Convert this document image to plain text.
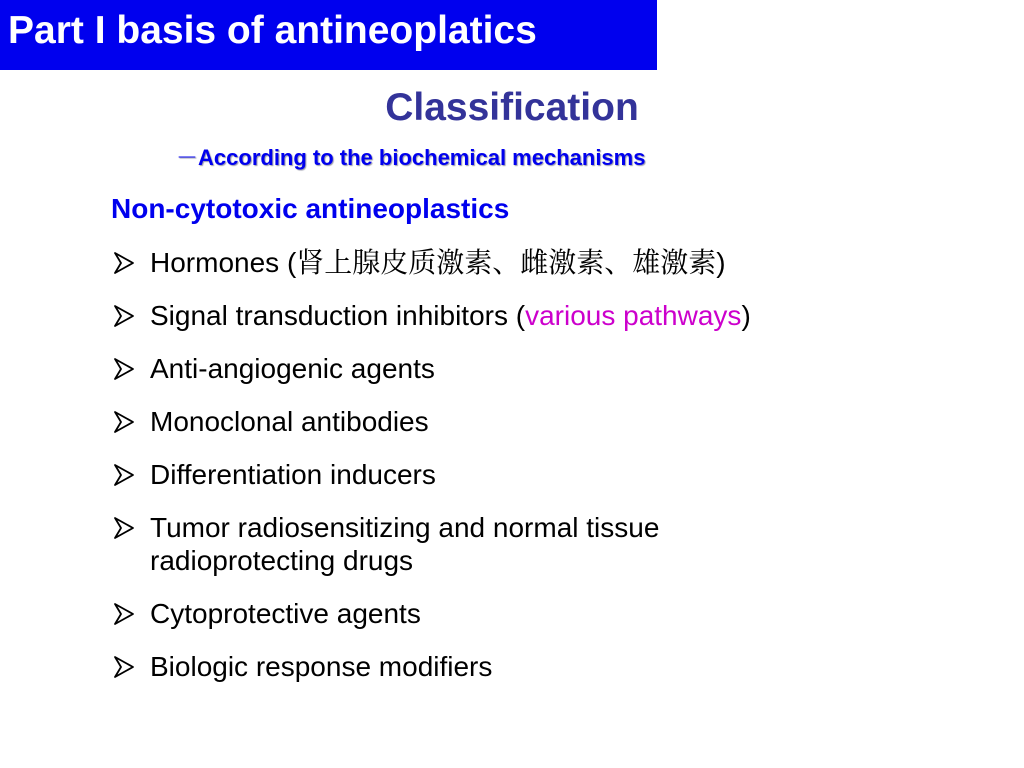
Part I basis of antineoplatics
Classification
－According to the biochemical mechanisms
Non-cytotoxic antineoplastics
Hormones (肾上腺皮质激素、雌激素、雄激素)
Signal transduction inhibitors (various pathways)
Anti-angiogenic agents
Monoclonal antibodies
Differentiation inducers
Tumor radiosensitizing and normal tissue radioprotecting drugs
Cytoprotective agents
Biologic response modifiers
